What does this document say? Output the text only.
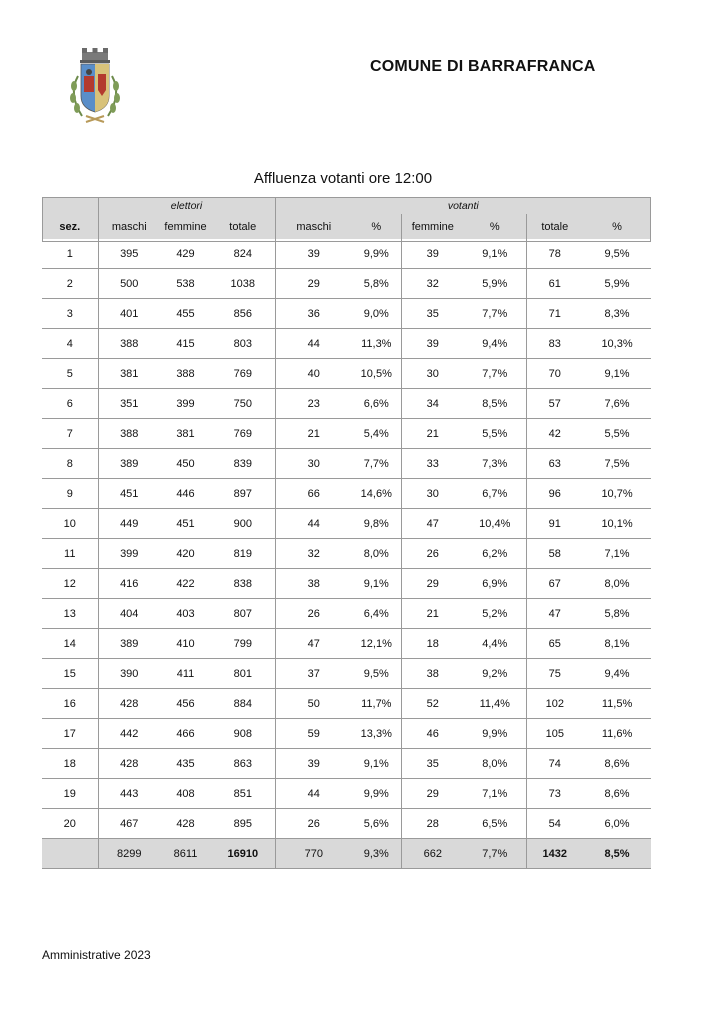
COMUNE DI BARRAFRANCA
Affluenza votanti ore 12:00
	elettori			votanti					
sez.	maschi	femmine	totale	maschi	%	femmine	%	totale	%
1	395	429	824	39	9,9%	39	9,1%	78	9,5%
2	500	538	1038	29	5,8%	32	5,9%	61	5,9%
3	401	455	856	36	9,0%	35	7,7%	71	8,3%
4	388	415	803	44	11,3%	39	9,4%	83	10,3%
5	381	388	769	40	10,5%	30	7,7%	70	9,1%
6	351	399	750	23	6,6%	34	8,5%	57	7,6%
7	388	381	769	21	5,4%	21	5,5%	42	5,5%
8	389	450	839	30	7,7%	33	7,3%	63	7,5%
9	451	446	897	66	14,6%	30	6,7%	96	10,7%
10	449	451	900	44	9,8%	47	10,4%	91	10,1%
11	399	420	819	32	8,0%	26	6,2%	58	7,1%
12	416	422	838	38	9,1%	29	6,9%	67	8,0%
13	404	403	807	26	6,4%	21	5,2%	47	5,8%
14	389	410	799	47	12,1%	18	4,4%	65	8,1%
15	390	411	801	37	9,5%	38	9,2%	75	9,4%
16	428	456	884	50	11,7%	52	11,4%	102	11,5%
17	442	466	908	59	13,3%	46	9,9%	105	11,6%
18	428	435	863	39	9,1%	35	8,0%	74	8,6%
19	443	408	851	44	9,9%	29	7,1%	73	8,6%
20	467	428	895	26	5,6%	28	6,5%	54	6,0%
	8299	8611	16910	770	9,3%	662	7,7%	1432	8,5%
Amministrative 2023
